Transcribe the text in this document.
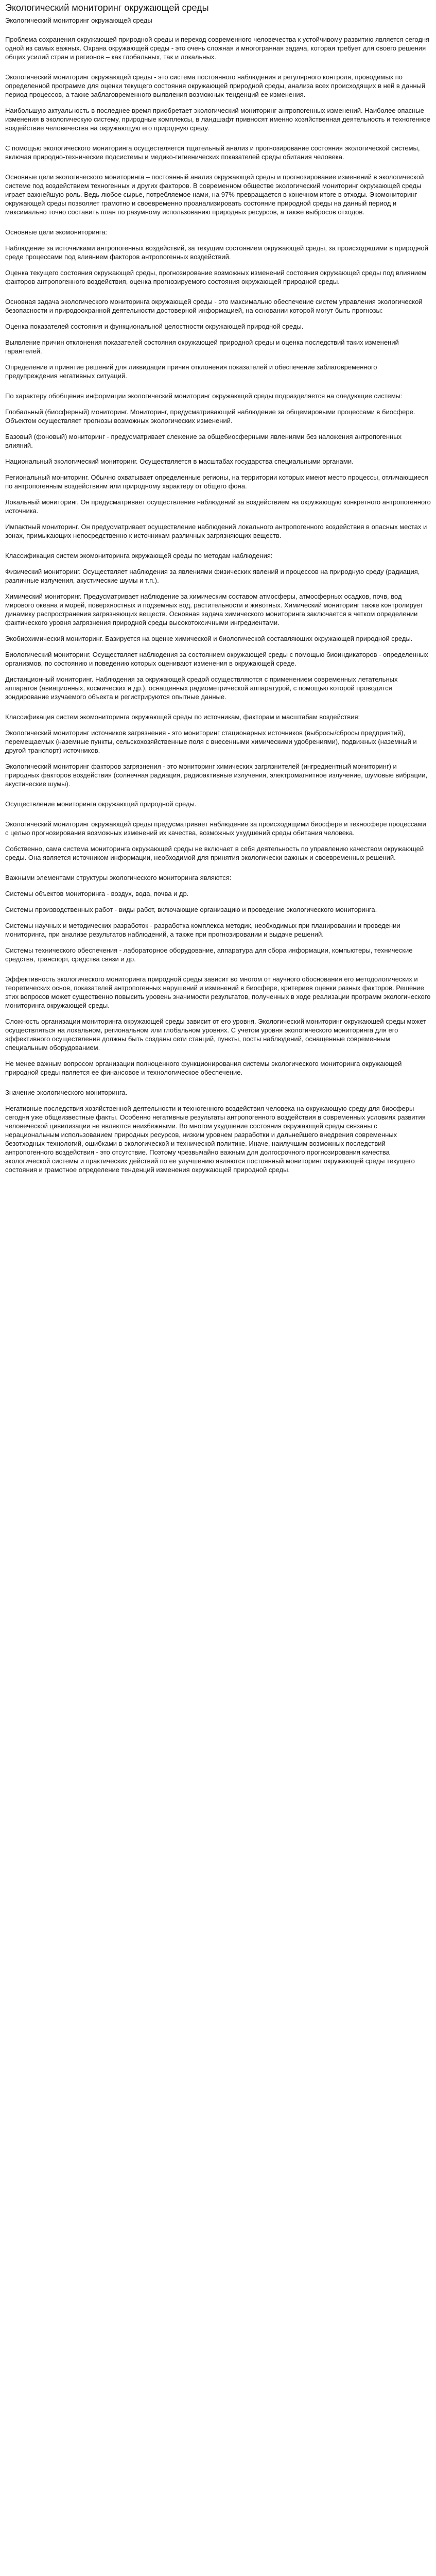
Экологический мониторинг окружающей среды
Экологический мониторинг окружающей среды

Проблема сохранения окружающей природной среды и переход современного человечества к устойчивому развитию является сегодня одной из самых важных. Охрана окружающей среды - это очень сложная и многогранная задача, которая требует для своего решения общих усилий стран и регионов – как глобальных, так и локальных.

Экологический мониторинг окружающей среды - это система постоянного наблюдения и регулярного контроля, проводимых по определенной программе для оценки текущего состояния окружающей природной среды, анализа всех происходящих в ней в данный период процессов, а также заблаговременного выявления возможных тенденций ее изменения.

Наибольшую актуальность в последнее время приобретает экологический мониторинг антропогенных изменений. Наиболее опасные изменения в экологическую систему, природные комплексы, в ландшафт привносят именно хозяйственная деятельность и техногенное воздействие человечества на окружающую его природную среду.

С помощью экологического мониторинга осуществляется тщательный анализ и прогнозирование состояния экологической системы, включая природно-технические подсистемы и медико-гигиенических показателей среды обитания человека.

Основные цели экологического мониторинга – постоянный анализ окружающей среды и прогнозирование изменений в экологической системе под воздействием техногенных и других факторов. В современном обществе экологический мониторинг окружающей среды играет важнейшую роль. Ведь любое сырье, потребляемое нами, на 97% превращается в конечном итоге в отходы. Экомониторинг окружающей среды позволяет грамотно и своевременно проанализировать состояние природной среды на данный период и максимально точно составить план по разумному использованию природных ресурсов, а также выбросов отходов.

Основные цели экомониторинга:

Наблюдение за источниками антропогенных воздействий, за текущим состоянием окружающей среды, за происходящими в природной среде процессами под влиянием факторов антропогенных воздействий.

Оценка текущего состояния окружающей среды, прогнозирование возможных изменений состояния окружающей среды под влиянием факторов антропогенного воздействия, оценка прогнозируемого состояния окружающей природной среды.

Основная задача экологического мониторинга окружающей среды - это максимально обеспечение систем управления экологической безопасности и природоохранной деятельности достоверной информацией, на основании которой могут быть прогнозы:

Оценка показателей состояния и функциональной целостности окружающей природной среды.

Выявление причин отклонения показателей состояния окружающей природной среды и оценка последствий таких изменений гарантелей.

Определение и принятие решений для ликвидации причин отклонения показателей и обеспечение заблаговременного предупреждения негативных ситуаций.

По характеру обобщения информации экологический мониторинг окружающей среды подразделяется на следующие системы:

Глобальный (биосферный) мониторинг. Мониторинг, предусматривающий наблюдение за общемировыми процессами в биосфере. Объектом осуществляет прогнозы возможных экологических изменений.

Базовый (фоновый) мониторинг - предусматривает слежение за общебиосферными явлениями без наложения антропогенных влияний.

Национальный экологический мониторинг. Осуществляется в масштабах государства специальными органами.

Региональный мониторинг. Обычно охватывает определенные регионы, на территории которых имеют место процессы, отличающиеся по антропогенным воздействиям или природному характеру от общего фона.

Локальный мониторинг. Он предусматривает осуществление наблюдений за воздействием на окружающую конкретного антропогенного источника.

Импактный мониторинг. Он предусматривает осуществление наблюдений локального антропогенного воздействия в опасных местах и зонах, примыкающих непосредственно к источникам различных загрязняющих веществ.

Классификация систем экомониторинга окружающей среды по методам наблюдения:

Физический мониторинг. Осуществляет наблюдения за явлениями физических явлений и процессов на природную среду (радиация, различные излучения, акустические шумы и т.п.).

Химический мониторинг. Предусматривает наблюдение за химическим составом атмосферы, атмосферных осадков, почв, вод мирового океана и морей, поверхностных и подземных вод, растительности и животных. Химический мониторинг также контролирует динамику распространения загрязняющих веществ. Основная задача химического мониторинга заключается в четком определении фактического уровня загрязнения природной среды высокотоксичными ингредиентами.

Экобиохимический мониторинг. Базируется на оценке химической и биологической составляющих окружающей природной среды.

Биологический мониторинг. Осуществляет наблюдения за состоянием окружающей среды с помощью биоиндикаторов - определенных организмов, по состоянию и поведению которых оценивают изменения в окружающей среде.

Дистанционный мониторинг. Наблюдения за окружающей средой осуществляются с применением современных летательных аппаратов (авиационных, космических и др.), оснащенных радиометрической аппаратурой, с помощью которой проводится зондирование изучаемого объекта и регистрируются опытные данные.

Классификация систем экомониторинга окружающей среды по источникам, факторам и масштабам воздействия:

Экологический мониторинг источников загрязнения - это мониторинг стационарных источников (выбросы/сбросы предприятий), перемещаемых (наземные пункты, сельскохозяйственные поля с внесенными химическими удобрениями), подвижных (наземный и другой транспорт) источников.

Экологический мониторинг факторов загрязнения - это мониторинг химических загрязнителей (ингредиентный мониторинг) и природных факторов воздействия (солнечная радиация, радиоактивные излучения, электромагнитное излучение, шумовые вибрации, акустические шумы).

Осуществление мониторинга окружающей природной среды.

Экологический мониторинг окружающей среды предусматривает наблюдение за происходящими биосфере и техносфере процессами с целью прогнозирования возможных изменений их качества, возможных ухудшений среды обитания человека.

Собственно, сама система мониторинга окружающей среды не включает в себя деятельность по управлению качеством окружающей среды. Она является источником информации, необходимой для принятия экологически важных и своевременных решений.

Важными элементами структуры экологического мониторинга являются:

Системы объектов мониторинга - воздух, вода, почва и др.

Системы производственных работ - виды работ, включающие организацию и проведение экологического мониторинга.

Системы научных и методических разработок - разработка комплекса методик, необходимых при планировании и проведении мониторинга, при анализе результатов наблюдений, а также при прогнозировании и выдаче решений.

Системы технического обеспечения - лабораторное оборудование, аппаратура для сбора информации, компьютеры, технические средства, транспорт, средства связи и др.

Эффективность экологического мониторинга природной среды зависит во многом от научного обоснования его методологических и теоретических основ, показателей антропогенных нарушений и изменений в биосфере, критериев оценки разных факторов. Решение этих вопросов может существенно повысить уровень значимости результатов, полученных в ходе реализации программ экологического мониторинга окружающей среды.

Сложность организации мониторинга окружающей среды зависит от его уровня. Экологический мониторинг окружающей среды может осуществляться на локальном, региональном или глобальном уровнях. С учетом уровня экологического мониторинга для его эффективного осуществления должны быть созданы сети станций, пункты, посты наблюдений, оснащенные современным специальным оборудованием.

Не менее важным вопросом организации полноценного функционирования системы экологического мониторинга окружающей природной среды является ее финансовое и технологическое обеспечение.

Значение экологического мониторинга.

Негативные последствия хозяйственной деятельности и техногенного воздействия человека на окружающую среду для биосферы сегодня уже общеизвестные факты. Особенно негативные результаты антропогенного воздействия в современных условиях развития человеческой цивилизации не являются неизбежными. Во многом ухудшение состояния окружающей среды связаны с нерациональным использованием природных ресурсов, низким уровнем разработки и дальнейшего внедрения современных безотходных технологий, ошибками в экологической и технической политике. Иначе, наилучшим возможных последствий антропогенного воздействия - это отсутствие. Поэтому чрезвычайно важным для долгосрочного прогнозирования качества экологической системы и практических действий по ее улучшению являются постоянный мониторинг окружающей среды текущего состояния и грамотное определение тенденций изменения окружающей природной среды.
